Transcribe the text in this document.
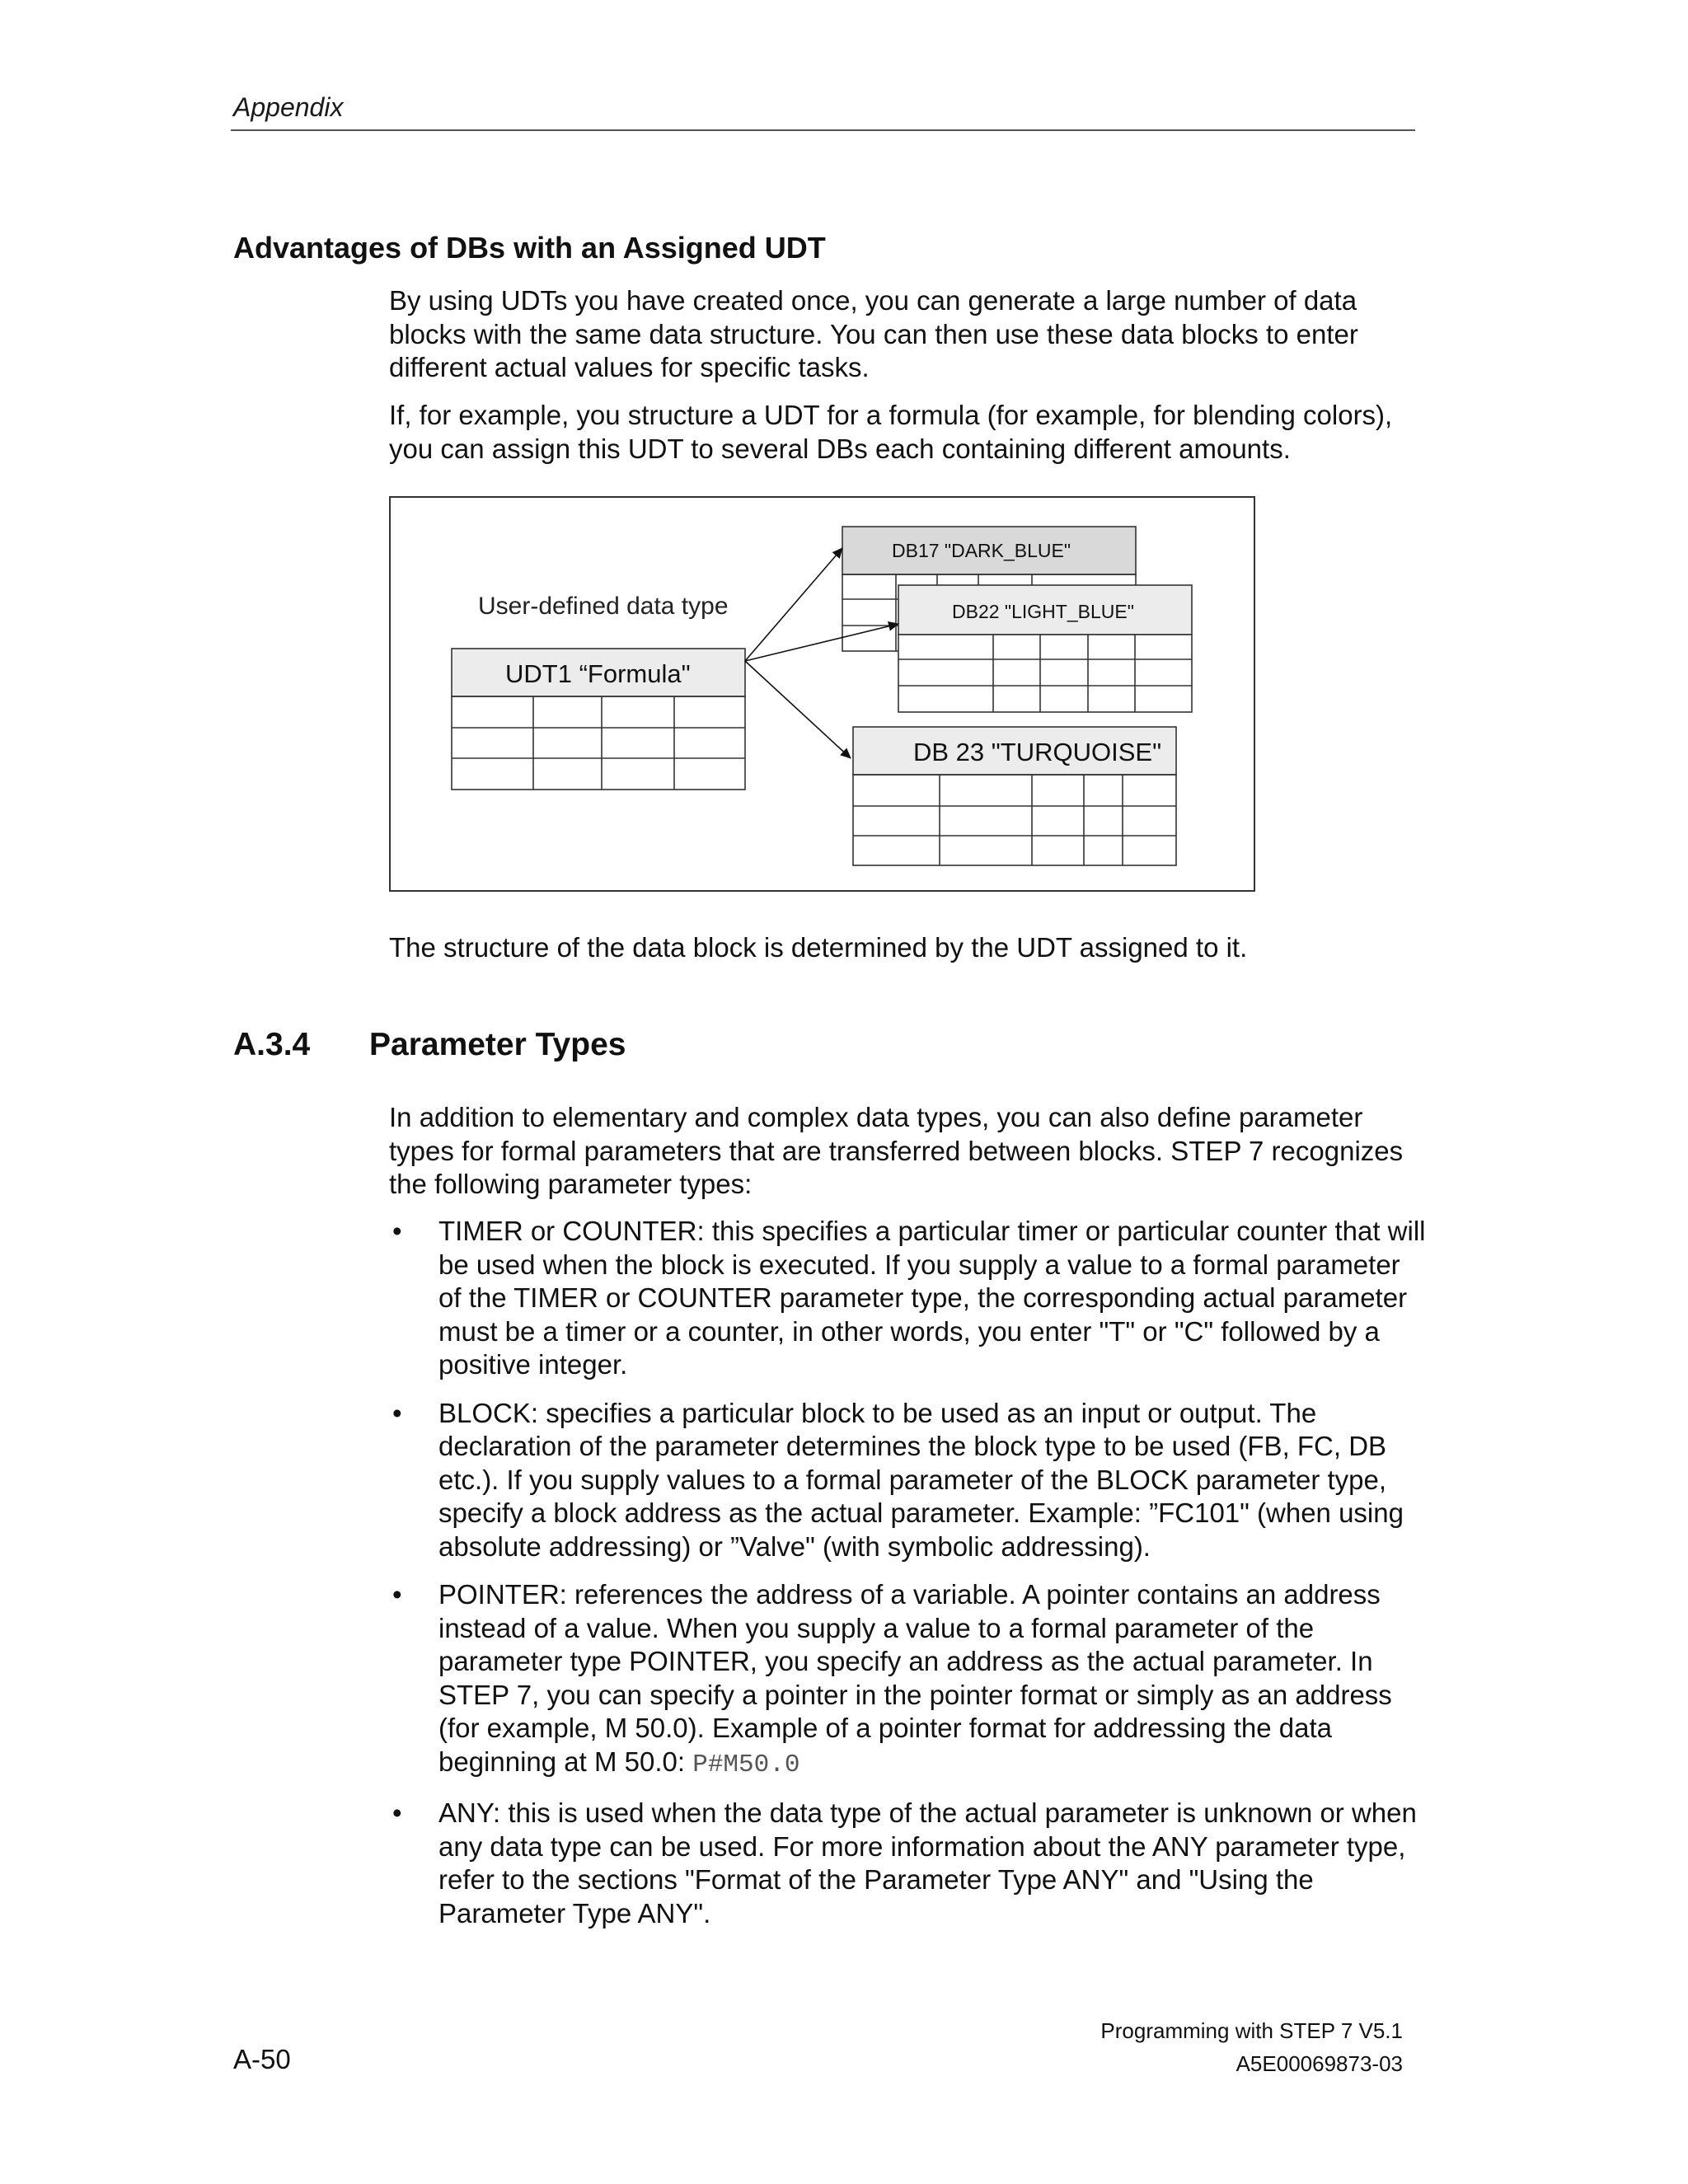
Appendix
Advantages of DBs with an Assigned UDT
By using UDTs you have created once, you can generate a large number of data blocks with the same data structure. You can then use these data blocks to enter different actual values for specific tasks.
If, for example, you structure a UDT for a formula (for example, for blending colors), you can assign this UDT to several DBs each containing different amounts.
User-defined data type
UDT1 “Formula"
DB17 "DARK_BLUE"
DB22 "LIGHT_BLUE"
DB 23 "TURQUOISE"
The structure of the data block is determined by the UDT assigned to it.
A.3.4 Parameter Types
In addition to elementary and complex data types, you can also define parameter types for formal parameters that are transferred between blocks. STEP 7 recognizes the following parameter types:
• TIMER or COUNTER: this specifies a particular timer or particular counter that will be used when the block is executed. If you supply a value to a formal parameter of the TIMER or COUNTER parameter type, the corresponding actual parameter must be a timer or a counter, in other words, you enter "T" or "C" followed by a positive integer.
• BLOCK: specifies a particular block to be used as an input or output. The declaration of the parameter determines the block type to be used (FB, FC, DB etc.). If you supply values to a formal parameter of the BLOCK parameter type, specify a block address as the actual parameter. Example: ”FC101" (when using absolute addressing) or ”Valve" (with symbolic addressing).
• POINTER: references the address of a variable. A pointer contains an address instead of a value. When you supply a value to a formal parameter of the parameter type POINTER, you specify an address as the actual parameter. In STEP 7, you can specify a pointer in the pointer format or simply as an address (for example, M 50.0). Example of a pointer format for addressing the data beginning at M 50.0: P#M50.0
• ANY: this is used when the data type of the actual parameter is unknown or when any data type can be used. For more information about the ANY parameter type, refer to the sections "Format of the Parameter Type ANY" and "Using the Parameter Type ANY".
Programming with STEP 7 V5.1
A5E00069873-03
A-50
